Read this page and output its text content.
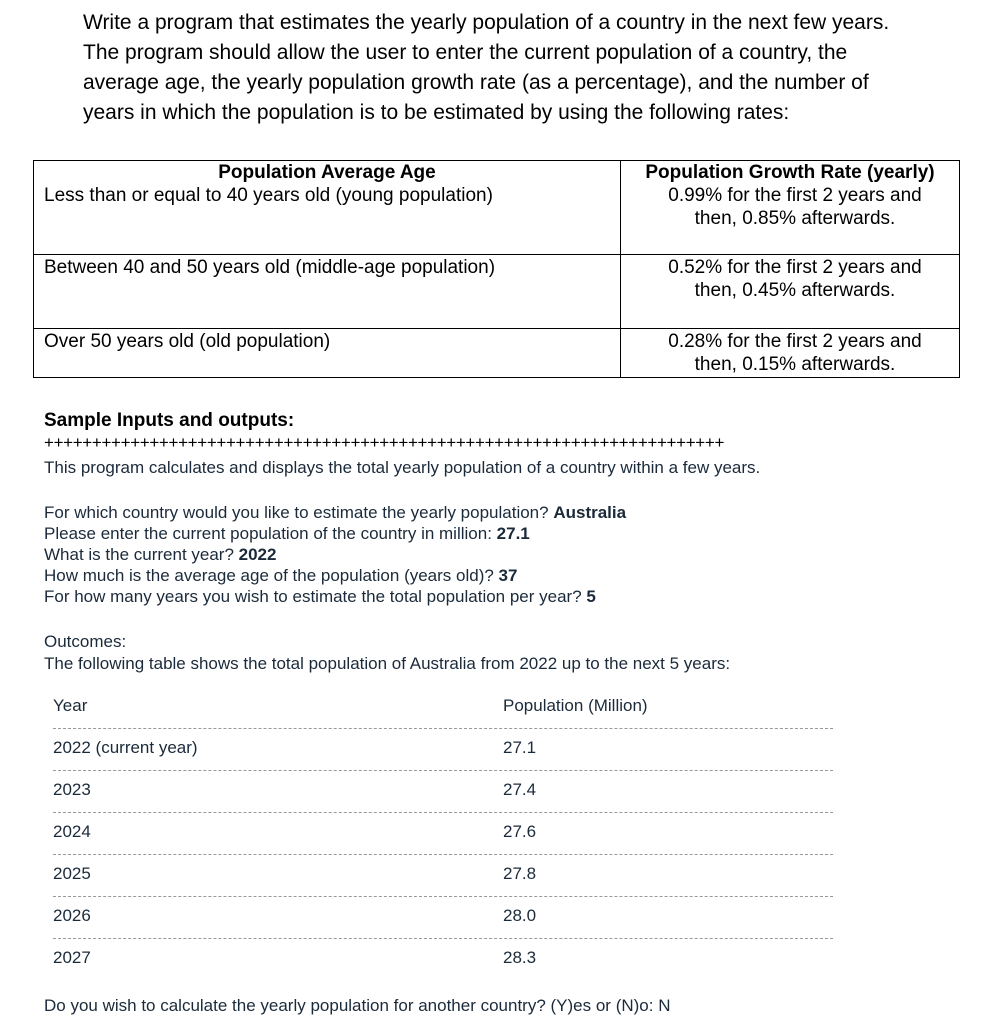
Write a program that estimates the yearly population of a country in the next few years.
The program should allow the user to enter the current population of a country, the
average age, the yearly population growth rate (as a percentage), and the number of
years in which the population is to be estimated by using the following rates:
Population Average Age	Population Growth Rate (yearly)
Less than or equal to 40 years old (young population)	0.99% for the first 2 years and
then, 0.85% afterwards.

Between 40 and 50 years old (middle-age population)	0.52% for the first 2 years and
then, 0.45% afterwards.

Over 50 years old (old population)	0.28% for the first 2 years and
then, 0.15% afterwards.
Sample Inputs and outputs:
+++++++++++++++++++++++++++++++++++++++++++++++++++++++++++++++++++++++
This program calculates and displays the total yearly population of a country within a few years.
For which country would you like to estimate the yearly population? Australia
Please enter the current population of the country in million: 27.1
What is the current year? 2022
How much is the average age of the population (years old)? 37
For how many years you wish to estimate the total population per year? 5
Outcomes:
The following table shows the total population of Australia from 2022 up to the next 5 years:
Year	Population (Million)
2022 (current year)	27.1
2023	27.4
2024	27.6
2025	27.8
2026	28.0
2027	28.3
Do you wish to calculate the yearly population for another country? (Y)es or (N)o: N
